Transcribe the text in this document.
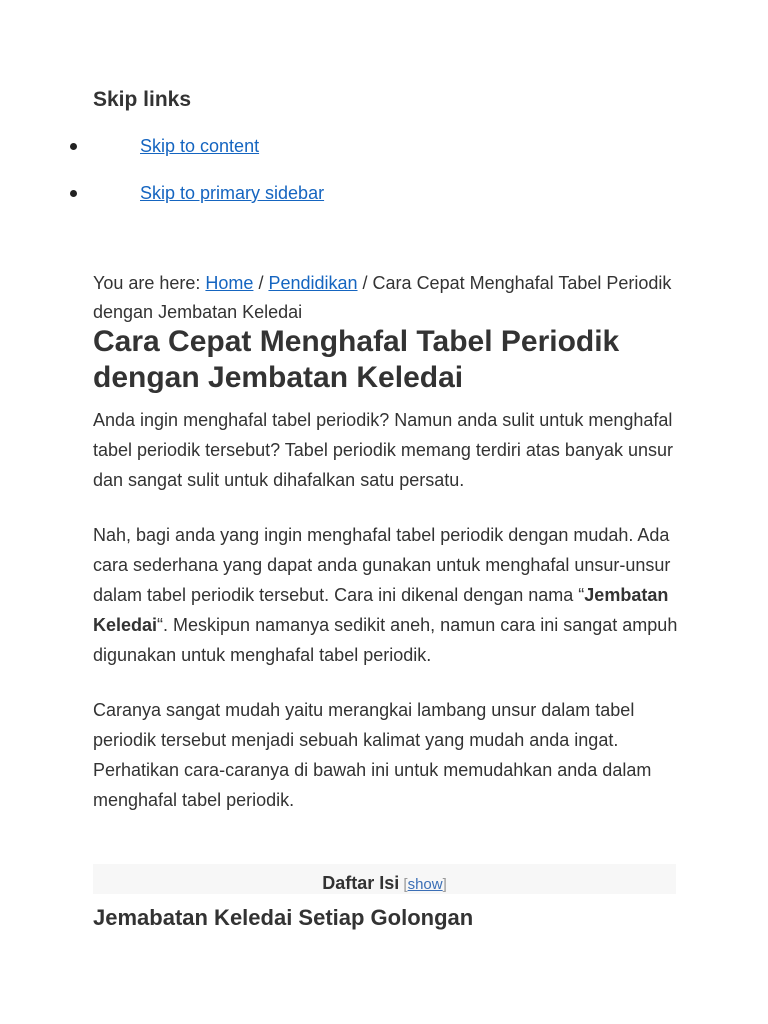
Skip links
Skip to content
Skip to primary sidebar

You are here: Home / Pendidikan / Cara Cepat Menghafal Tabel Periodik dengan Jembatan Keledai

Cara Cepat Menghafal Tabel Periodik dengan Jembatan Keledai

Anda ingin menghafal tabel periodik? Namun anda sulit untuk menghafal tabel periodik tersebut? Tabel periodik memang terdiri atas banyak unsur dan sangat sulit untuk dihafalkan satu persatu.

Nah, bagi anda yang ingin menghafal tabel periodik dengan mudah. Ada cara sederhana yang dapat anda gunakan untuk menghafal unsur-unsur dalam tabel periodik tersebut. Cara ini dikenal dengan nama “Jembatan Keledai“. Meskipun namanya sedikit aneh, namun cara ini sangat ampuh digunakan untuk menghafal tabel periodik.

Caranya sangat mudah yaitu merangkai lambang unsur dalam tabel periodik tersebut menjadi sebuah kalimat yang mudah anda ingat. Perhatikan cara-caranya di bawah ini untuk memudahkan anda dalam menghafal tabel periodik.

Daftar Isi [show]
Jemabatan Keledai Setiap Golongan
